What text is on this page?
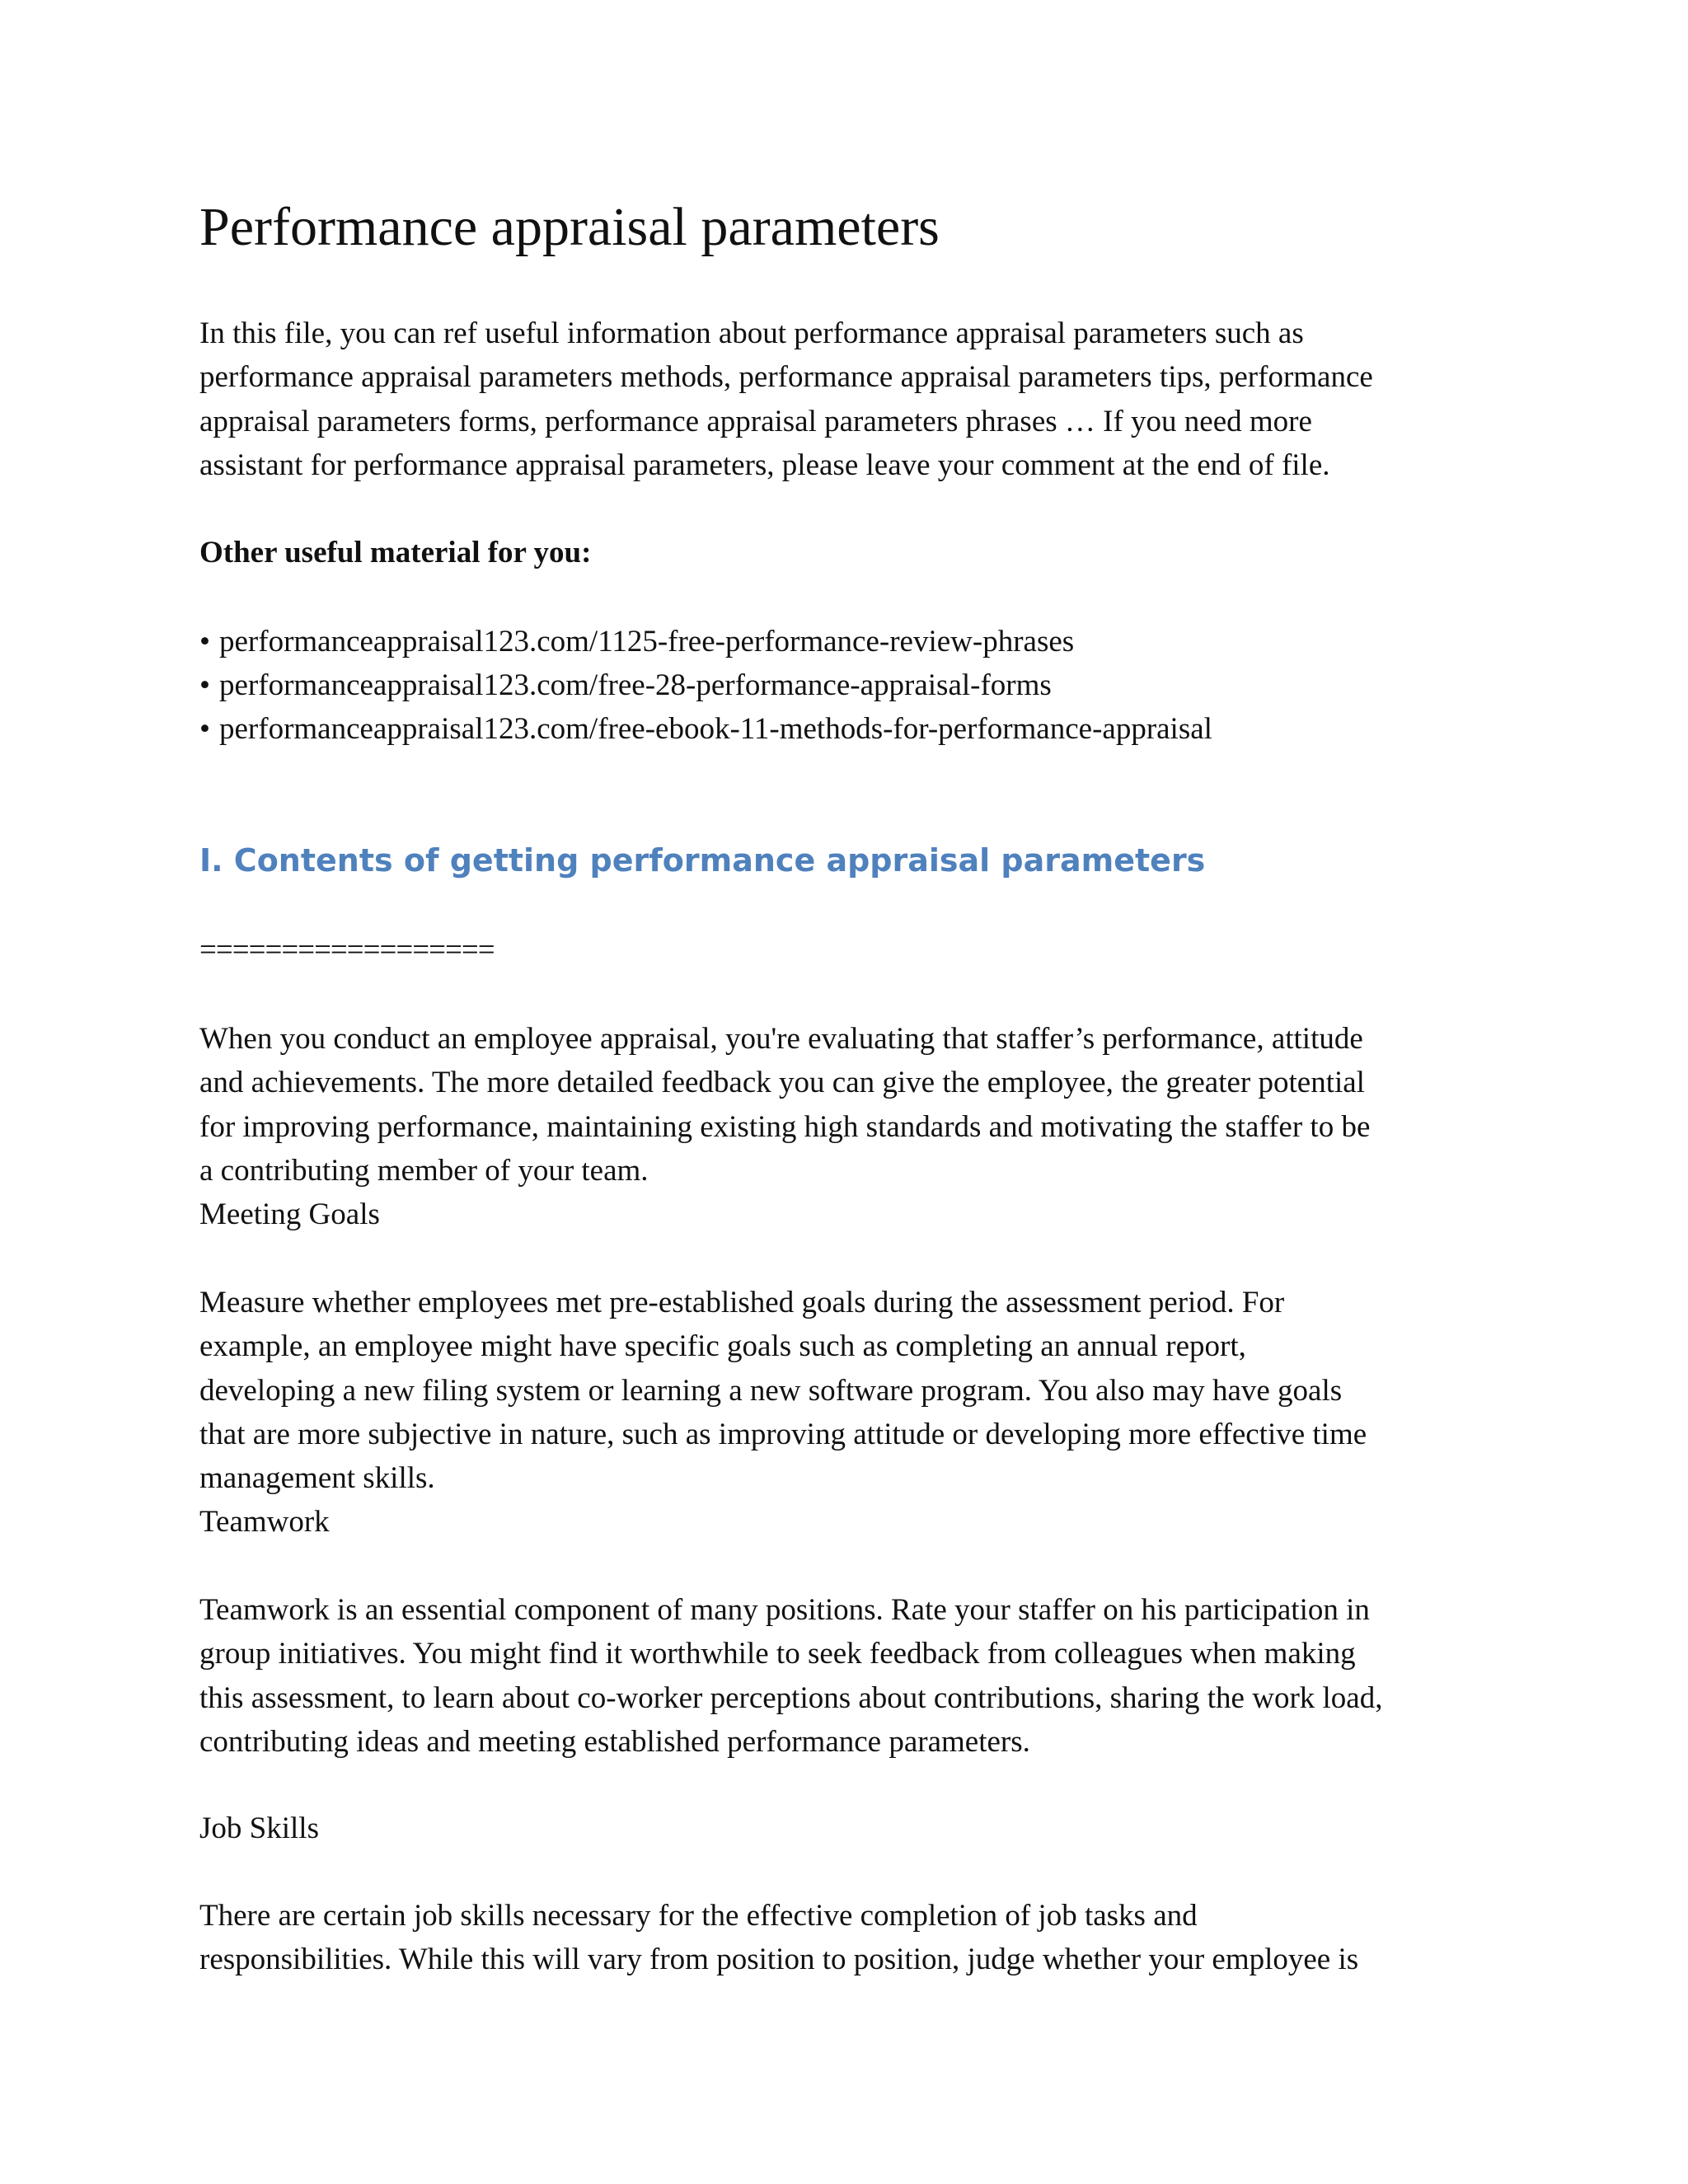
Performance appraisal parameters
In this file, you can ref useful information about performance appraisal parameters such as
performance appraisal parameters methods, performance appraisal parameters tips, performance
appraisal parameters forms, performance appraisal parameters phrases … If you need more
assistant for performance appraisal parameters, please leave your comment at the end of file.

Other useful material for you:

• performanceappraisal123.com/1125-free-performance-review-phrases
• performanceappraisal123.com/free-28-performance-appraisal-forms
• performanceappraisal123.com/free-ebook-11-methods-for-performance-appraisal
I. Contents of getting performance appraisal parameters
==================
When you conduct an employee appraisal, you're evaluating that staffer’s performance, attitude
and achievements. The more detailed feedback you can give the employee, the greater potential
for improving performance, maintaining existing high standards and motivating the staffer to be
a contributing member of your team.

Meeting Goals

Measure whether employees met pre-established goals during the assessment period. For
example, an employee might have specific goals such as completing an annual report,
developing a new filing system or learning a new software program. You also may have goals
that are more subjective in nature, such as improving attitude or developing more effective time
management skills.

Teamwork

Teamwork is an essential component of many positions. Rate your staffer on his participation in
group initiatives. You might find it worthwhile to seek feedback from colleagues when making
this assessment, to learn about co-worker perceptions about contributions, sharing the work load,
contributing ideas and meeting established performance parameters.

Job Skills

There are certain job skills necessary for the effective completion of job tasks and
responsibilities. While this will vary from position to position, judge whether your employee is
